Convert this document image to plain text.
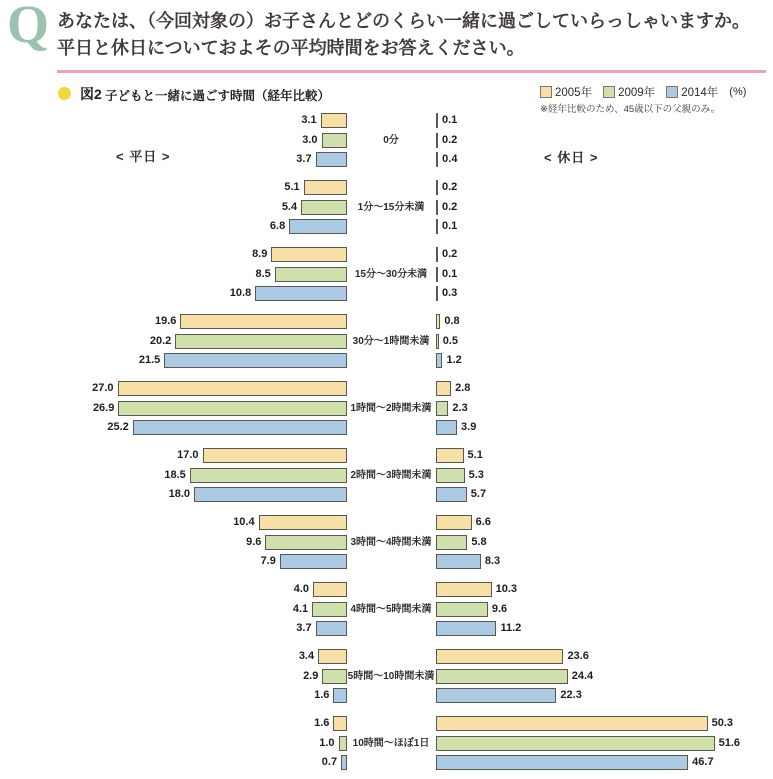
Q あなたは、（今回対象の）お子さんとどのくらい一緒に過ごしていらっしゃいますか。
平日と休日についておよその平均時間をお答えください。
図2 子どもと一緒に過ごす時間（経年比較）	2005年 2009年 2014年 (%)
※経年比較のため、45歳以下の父親のみ。
< 平日 >	< 休日 >
0分
3.1	0.1
3.0	0.2
3.7	0.4
1分～15分未満
5.1	0.2
5.4	0.2
6.8	0.1
15分～30分未満
8.9	0.2
8.5	0.1
10.8	0.3
30分～1時間未満
19.6	0.8
20.2	0.5
21.5	1.2
1時間～2時間未満
27.0	2.8
26.9	2.3
25.2	3.9
2時間～3時間未満
17.0	5.1
18.5	5.3
18.0	5.7
3時間～4時間未満
10.4	6.6
9.6	5.8
7.9	8.3
4時間～5時間未満
4.0	10.3
4.1	9.6
3.7	11.2
5時間～10時間未満
3.4	23.6
2.9	24.4
1.6	22.3
10時間～ほぼ1日
1.6	50.3
1.0	51.6
0.7	46.7
